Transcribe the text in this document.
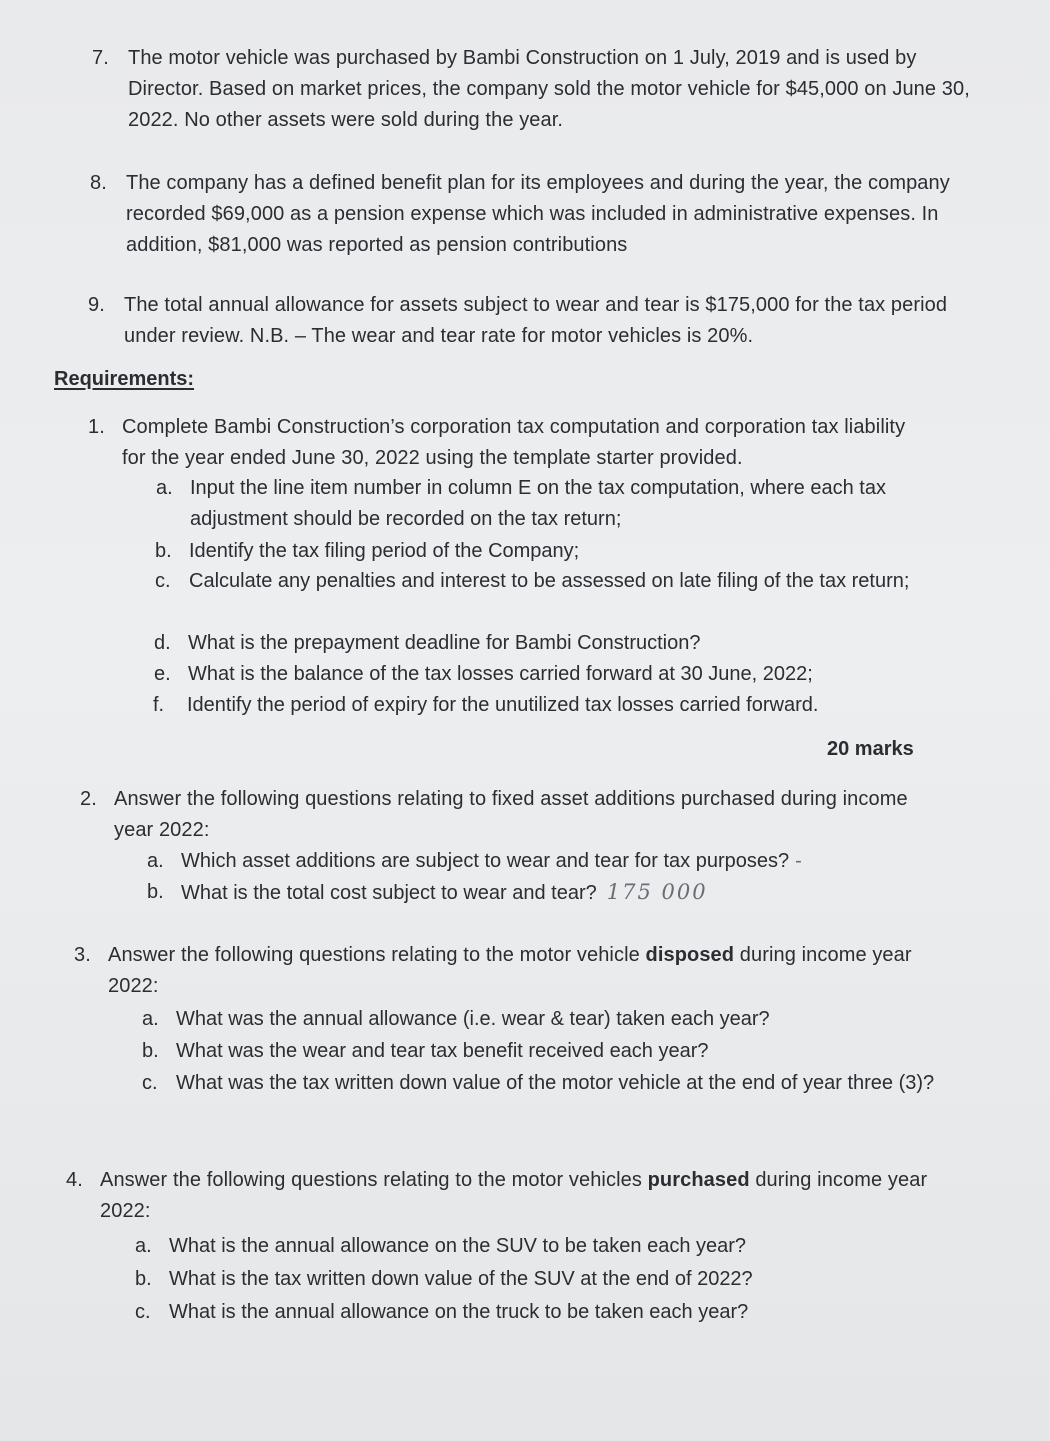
7. The motor vehicle was purchased by Bambi Construction on 1 July, 2019 and is used by Director. Based on market prices, the company sold the motor vehicle for $45,000 on June 30, 2022. No other assets were sold during the year.
8. The company has a defined benefit plan for its employees and during the year, the company recorded $69,000 as a pension expense which was included in administrative expenses. In addition, $81,000 was reported as pension contributions
9. The total annual allowance for assets subject to wear and tear is $175,000 for the tax period under review. N.B. – The wear and tear rate for motor vehicles is 20%.
Requirements:
1. Complete Bambi Construction’s corporation tax computation and corporation tax liability for the year ended June 30, 2022 using the template starter provided.
a. Input the line item number in column E on the tax computation, where each tax adjustment should be recorded on the tax return;
b. Identify the tax filing period of the Company;
c. Calculate any penalties and interest to be assessed on late filing of the tax return;
d. What is the prepayment deadline for Bambi Construction?
e. What is the balance of the tax losses carried forward at 30 June, 2022;
f.	Identify the period of expiry for the unutilized tax losses carried forward.
20 marks
2. Answer the following questions relating to fixed asset additions purchased during income year 2022:
a. Which asset additions are subject to wear and tear for tax purposes? -
b. What is the total cost subject to wear and tear? 175 000
3. Answer the following questions relating to the motor vehicle disposed during income year 2022:
a. What was the annual allowance (i.e. wear & tear) taken each year?
b. What was the wear and tear tax benefit received each year?
c. What was the tax written down value of the motor vehicle at the end of year three (3)?
4. Answer the following questions relating to the motor vehicles purchased during income year 2022:
a. What is the annual allowance on the SUV to be taken each year?
b. What is the tax written down value of the SUV at the end of 2022?
c. What is the annual allowance on the truck to be taken each year?
